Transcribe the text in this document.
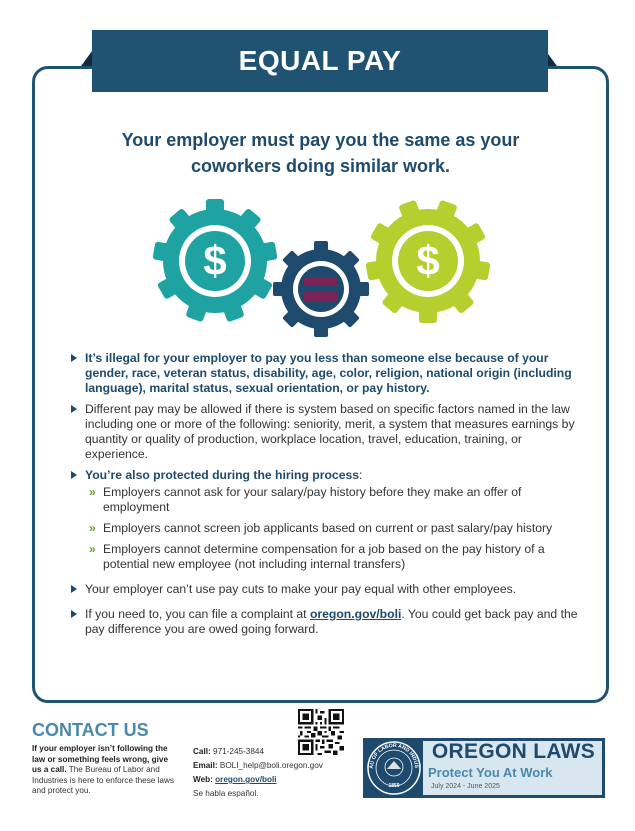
EQUAL PAY
Your employer must pay you the same as your
coworkers doing similar work.
$	$
It’s illegal for your employer to pay you less than someone else because of your gender, race, veteran status, disability, age, color, religion, national origin (including language), marital status, sexual orientation, or pay history.
Different pay may be allowed if there is system based on specific factors named in the law including one or more of the following: seniority, merit, a system that measures earnings by quantity or quality of production, workplace location, travel, education, training, or experience.
You’re also protected during the hiring process:
» Employers cannot ask for your salary/pay history before they make an offer of employment
» Employers cannot screen job applicants based on current or past salary/pay history
» Employers cannot determine compensation for a job based on the pay history of a potential new employee (not including internal transfers)
Your employer can’t use pay cuts to make your pay equal with other employees.
If you need to, you can file a complaint at oregon.gov/boli. You could get back pay and the pay difference you are owed going forward.
CONTACT US
If your employer isn’t following the law or something feels wrong, give us a call. The Bureau of Labor and Industries is here to enforce these laws and protect you.
Call: 971-245-3844
Email: BOLI_help@boli.oregon.gov
Web: oregon.gov/boli
Se habla español.
AU OF LABOR AND INDUS
1859
OREGON LAWS
Protect You At Work
July 2024 - June 2025
